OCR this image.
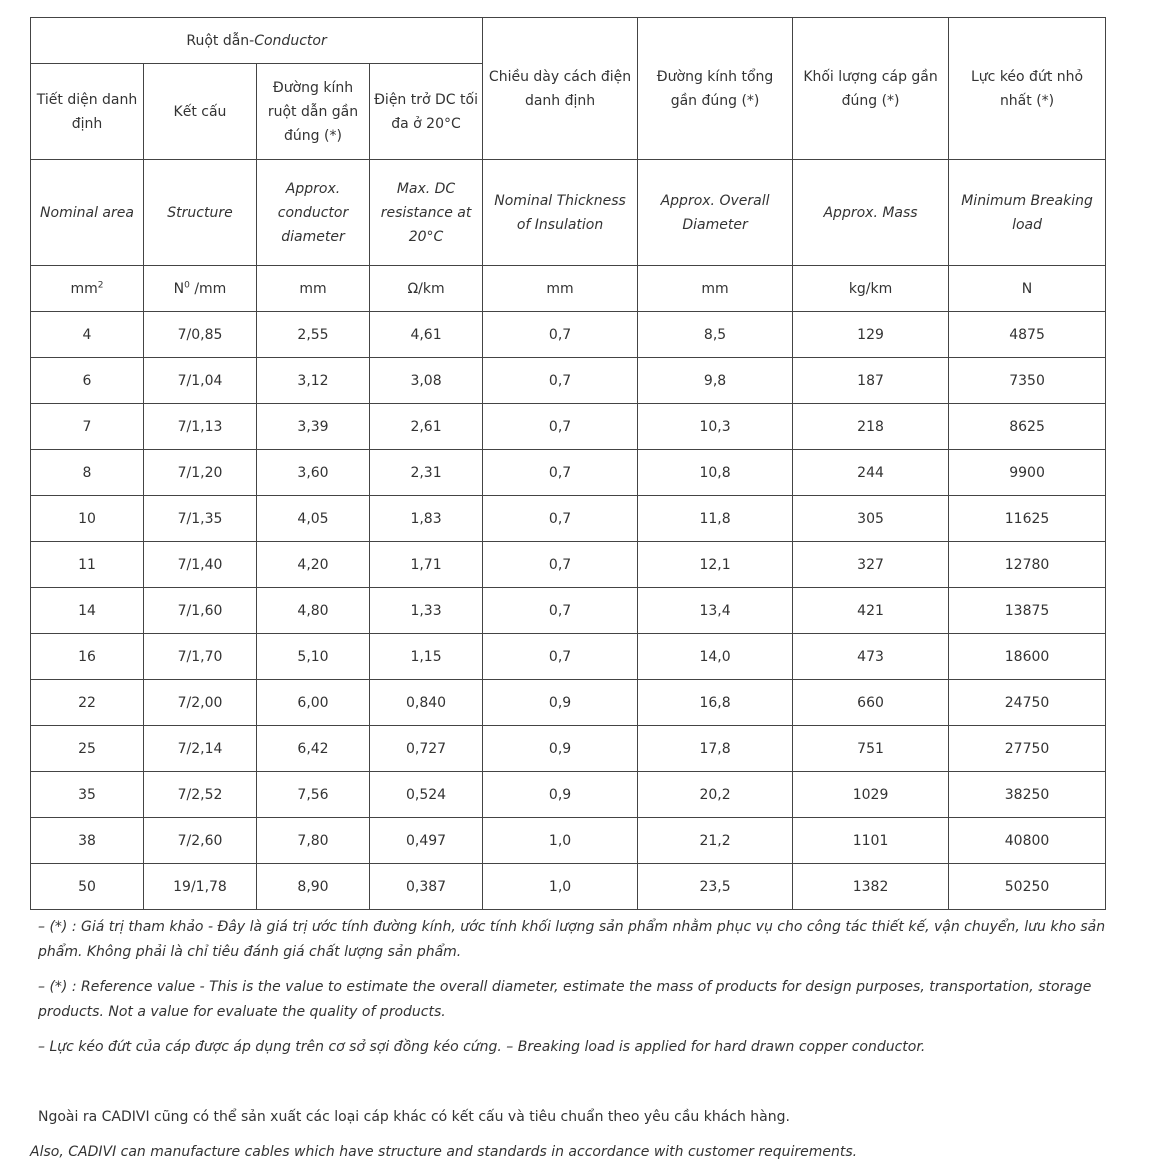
Ruột dẫn-Conductor				Chiều dày cách điện danh định	Đường kính tổng gần đúng (*)	Khối lượng cáp gần đúng (*)	Lực kéo đứt nhỏ nhất (*)
Tiết diện danh định	Kết cấu	Đường kính ruột dẫn gần đúng (*)	Điện trở DC tối đa ở 20°C				
Nominal area	Structure	Approx. conductor diameter	Max. DC resistance at 20°C	Nominal Thickness of Insulation	Approx. Overall Diameter	Approx. Mass	Minimum Breaking load
$mm^2$	$N^0$ /mm	mm	Ω/km	mm	mm	kg/km	N
4	7/0,85	2,55	4,61	0,7	8,5	129	4875
6	7/1,04	3,12	3,08	0,7	9,8	187	7350
7	7/1,13	3,39	2,61	0,7	10,3	218	8625
8	7/1,20	3,60	2,31	0,7	10,8	244	9900
10	7/1,35	4,05	1,83	0,7	11,8	305	11625
11	7/1,40	4,20	1,71	0,7	12,1	327	12780
14	7/1,60	4,80	1,33	0,7	13,4	421	13875
16	7/1,70	5,10	1,15	0,7	14,0	473	18600
22	7/2,00	6,00	0,840	0,9	16,8	660	24750
25	7/2,14	6,42	0,727	0,9	17,8	751	27750
35	7/2,52	7,56	0,524	0,9	20,2	1029	38250
38	7/2,60	7,80	0,497	1,0	21,2	1101	40800
50	19/1,78	8,90	0,387	1,0	23,5	1382	50250

– (*) : Giá trị tham khảo - Đây là giá trị ước tính đường kính, ước tính khối lượng sản phẩm nhằm phục vụ cho công tác thiết kế, vận chuyển, lưu kho sản phẩm. Không phải là chỉ tiêu đánh giá chất lượng sản phẩm.

– (*) : Reference value - This is the value to estimate the overall diameter, estimate the mass of products for design purposes, transportation, storage products. Not a value for evaluate the quality of products.

– Lực kéo đứt của cáp được áp dụng trên cơ sở sợi đồng kéo cứng. – Breaking load is applied for hard drawn copper conductor.

Ngoài ra CADIVI cũng có thể sản xuất các loại cáp khác có kết cấu và tiêu chuẩn theo yêu cầu khách hàng.
Also, CADIVI can manufacture cables which have structure and standards in accordance with customer requirements.
